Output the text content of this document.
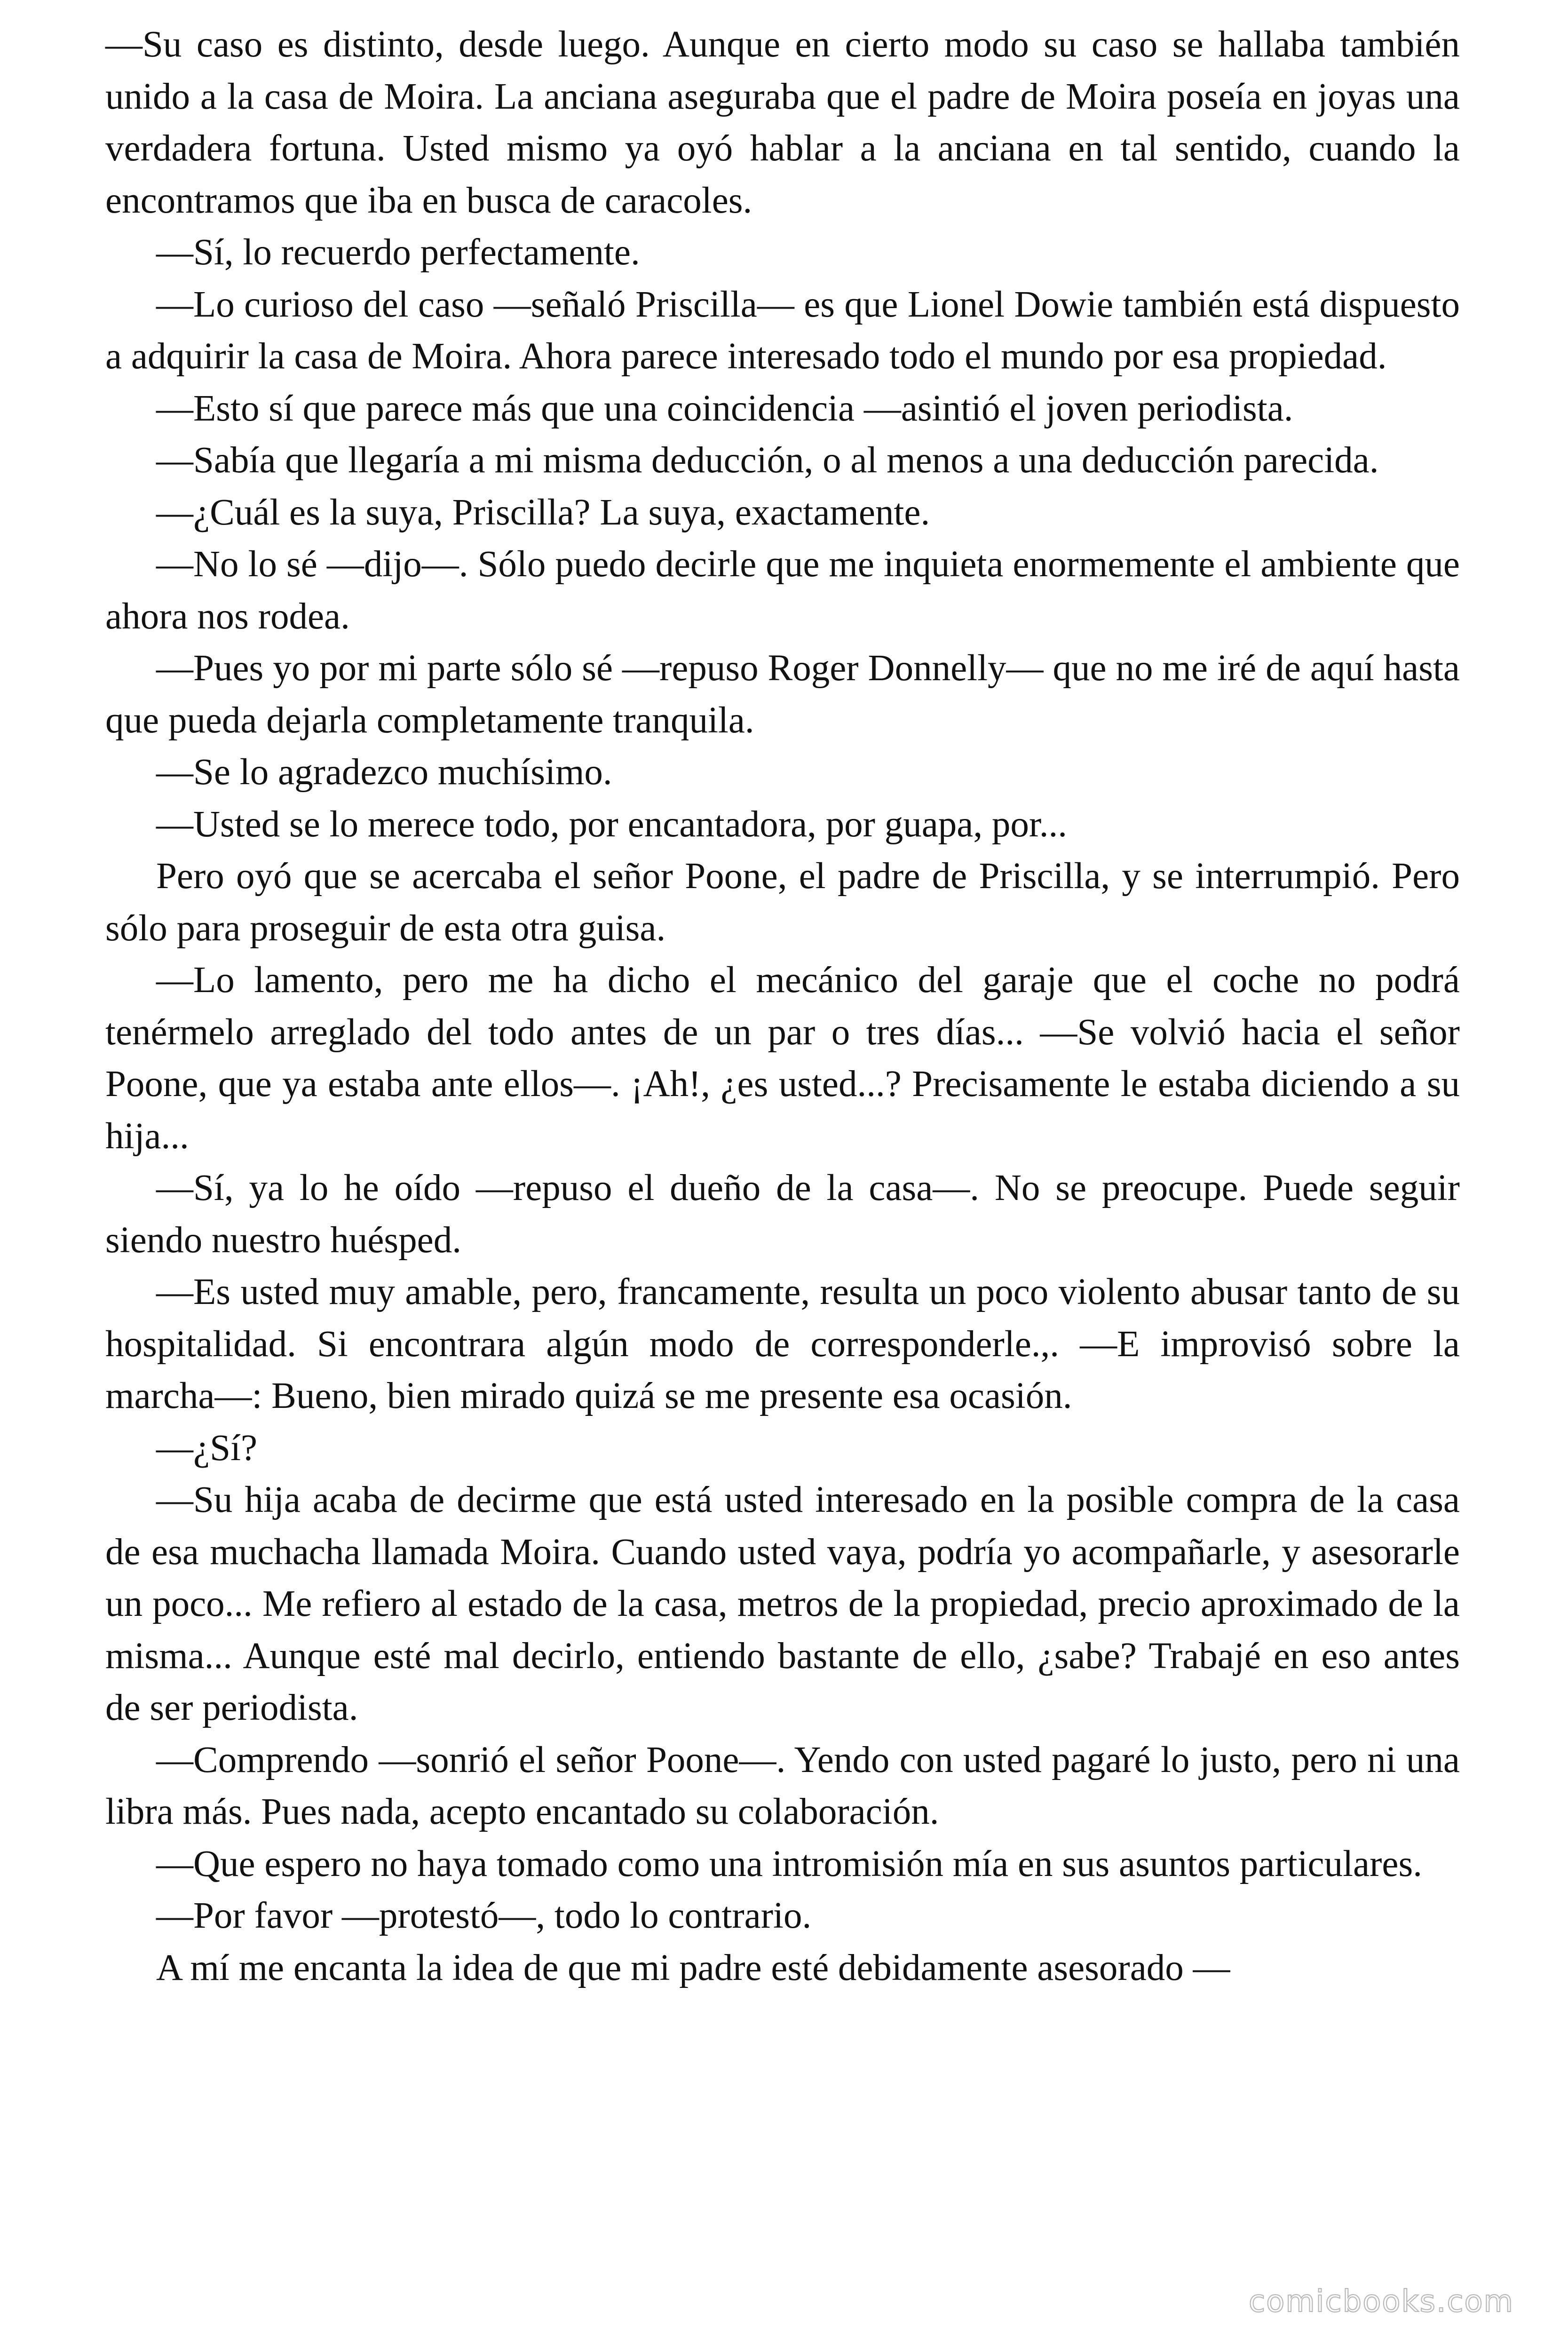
—Su caso es distinto, desde luego. Aunque en cierto modo su caso se hallaba también unido a la casa de Moira. La anciana aseguraba que el padre de Moira poseía en joyas una verdadera fortuna. Usted mismo ya oyó hablar a la anciana en tal sentido, cuando la encontramos que iba en busca de caracoles.

—Sí, lo recuerdo perfectamente.

—Lo curioso del caso —señaló Priscilla— es que Lionel Dowie también está dispuesto a adquirir la casa de Moira. Ahora parece interesado todo el mundo por esa propiedad.

—Esto sí que parece más que una coincidencia —asintió el joven periodista.

—Sabía que llegaría a mi misma deducción, o al menos a una deducción parecida.

—¿Cuál es la suya, Priscilla? La suya, exactamente.

—No lo sé —dijo—. Sólo puedo decirle que me inquieta enormemente el ambiente que ahora nos rodea.

—Pues yo por mi parte sólo sé —repuso Roger Donnelly— que no me iré de aquí hasta que pueda dejarla completamente tranquila.

—Se lo agradezco muchísimo.

—Usted se lo merece todo, por encantadora, por guapa, por...

Pero oyó que se acercaba el señor Poone, el padre de Priscilla, y se interrumpió. Pero sólo para proseguir de esta otra guisa.

—Lo lamento, pero me ha dicho el mecánico del garaje que el coche no podrá tenérmelo arreglado del todo antes de un par o tres días... —Se volvió hacia el señor Poone, que ya estaba ante ellos—. ¡Ah!, ¿es usted...? Precisamente le estaba diciendo a su hija...

—Sí, ya lo he oído —repuso el dueño de la casa—. No se preocupe. Puede seguir siendo nuestro huésped.

—Es usted muy amable, pero, francamente, resulta un poco violento abusar tanto de su hospitalidad. Si encontrara algún modo de corresponderle.,. —E improvisó sobre la marcha—: Bueno, bien mirado quizá se me presente esa ocasión.

—¿Sí?

—Su hija acaba de decirme que está usted interesado en la posible compra de la casa de esa muchacha llamada Moira. Cuando usted vaya, podría yo acompañarle, y asesorarle un poco... Me refiero al estado de la casa, metros de la propiedad, precio aproximado de la misma... Aunque esté mal decirlo, entiendo bastante de ello, ¿sabe? Trabajé en eso antes de ser periodista.

—Comprendo —sonrió el señor Poone—. Yendo con usted pagaré lo justo, pero ni una libra más. Pues nada, acepto encantado su colaboración.

—Que espero no haya tomado como una intromisión mía en sus asuntos particulares.

—Por favor —protestó—, todo lo contrario.

A mí me encanta la idea de que mi padre esté debidamente asesorado —

comicbooks.com
